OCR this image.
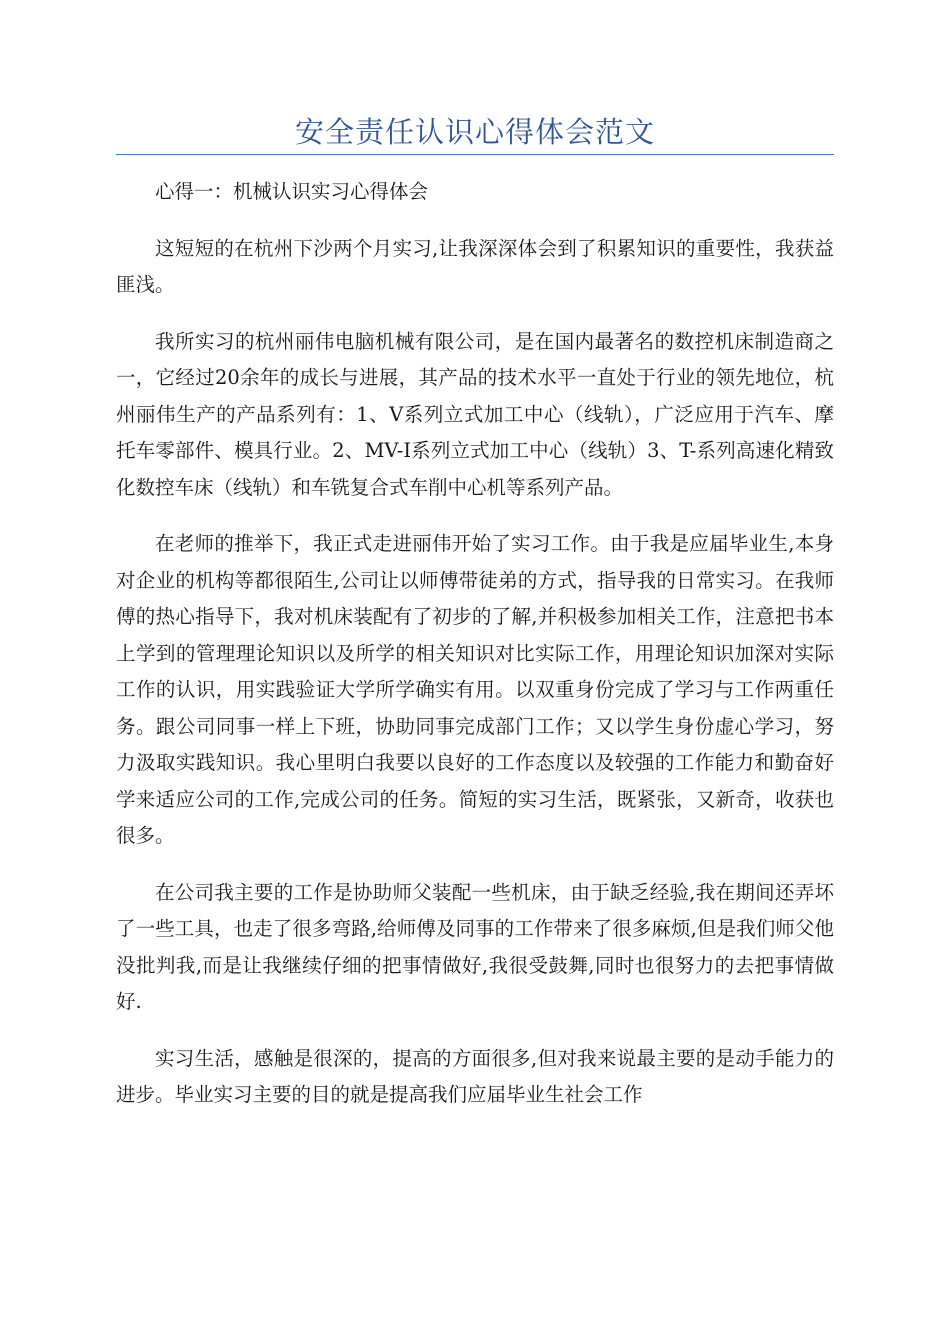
安全责任认识心得体会范文

心得一：机械认识实习心得体会

这短短的在杭州下沙两个月实习,让我深深体会到了积累知识的重要性，我获益匪浅。

我所实习的杭州丽伟电脑机械有限公司，是在国内最著名的数控机床制造商之一，它经过20余年的成长与进展，其产品的技术水平一直处于行业的领先地位，杭州丽伟生产的产品系列有：1、V系列立式加工中心（线轨），广泛应用于汽车、摩托车零部件、模具行业。2、MV-I系列立式加工中心（线轨）3、T-系列高速化精致化数控车床（线轨）和车铣复合式车削中心机等系列产品。

在老师的推举下，我正式走进丽伟开始了实习工作。由于我是应届毕业生,本身对企业的机构等都很陌生,公司让以师傅带徒弟的方式，指导我的日常实习。在我师傅的热心指导下，我对机床装配有了初步的了解,并积极参加相关工作，注意把书本上学到的管理理论知识以及所学的相关知识对比实际工作，用理论知识加深对实际工作的认识，用实践验证大学所学确实有用。以双重身份完成了学习与工作两重任务。跟公司同事一样上下班，协助同事完成部门工作；又以学生身份虚心学习，努力汲取实践知识。我心里明白我要以良好的工作态度以及较强的工作能力和勤奋好学来适应公司的工作,完成公司的任务。简短的实习生活，既紧张，又新奇，收获也很多。

在公司我主要的工作是协助师父装配一些机床，由于缺乏经验,我在期间还弄坏了一些工具，也走了很多弯路,给师傅及同事的工作带来了很多麻烦,但是我们师父他没批判我,而是让我继续仔细的把事情做好,我很受鼓舞,同时也很努力的去把事情做好.

实习生活，感触是很深的，提高的方面很多,但对我来说最主要的是动手能力的进步。毕业实习主要的目的就是提高我们应届毕业生社会工作
